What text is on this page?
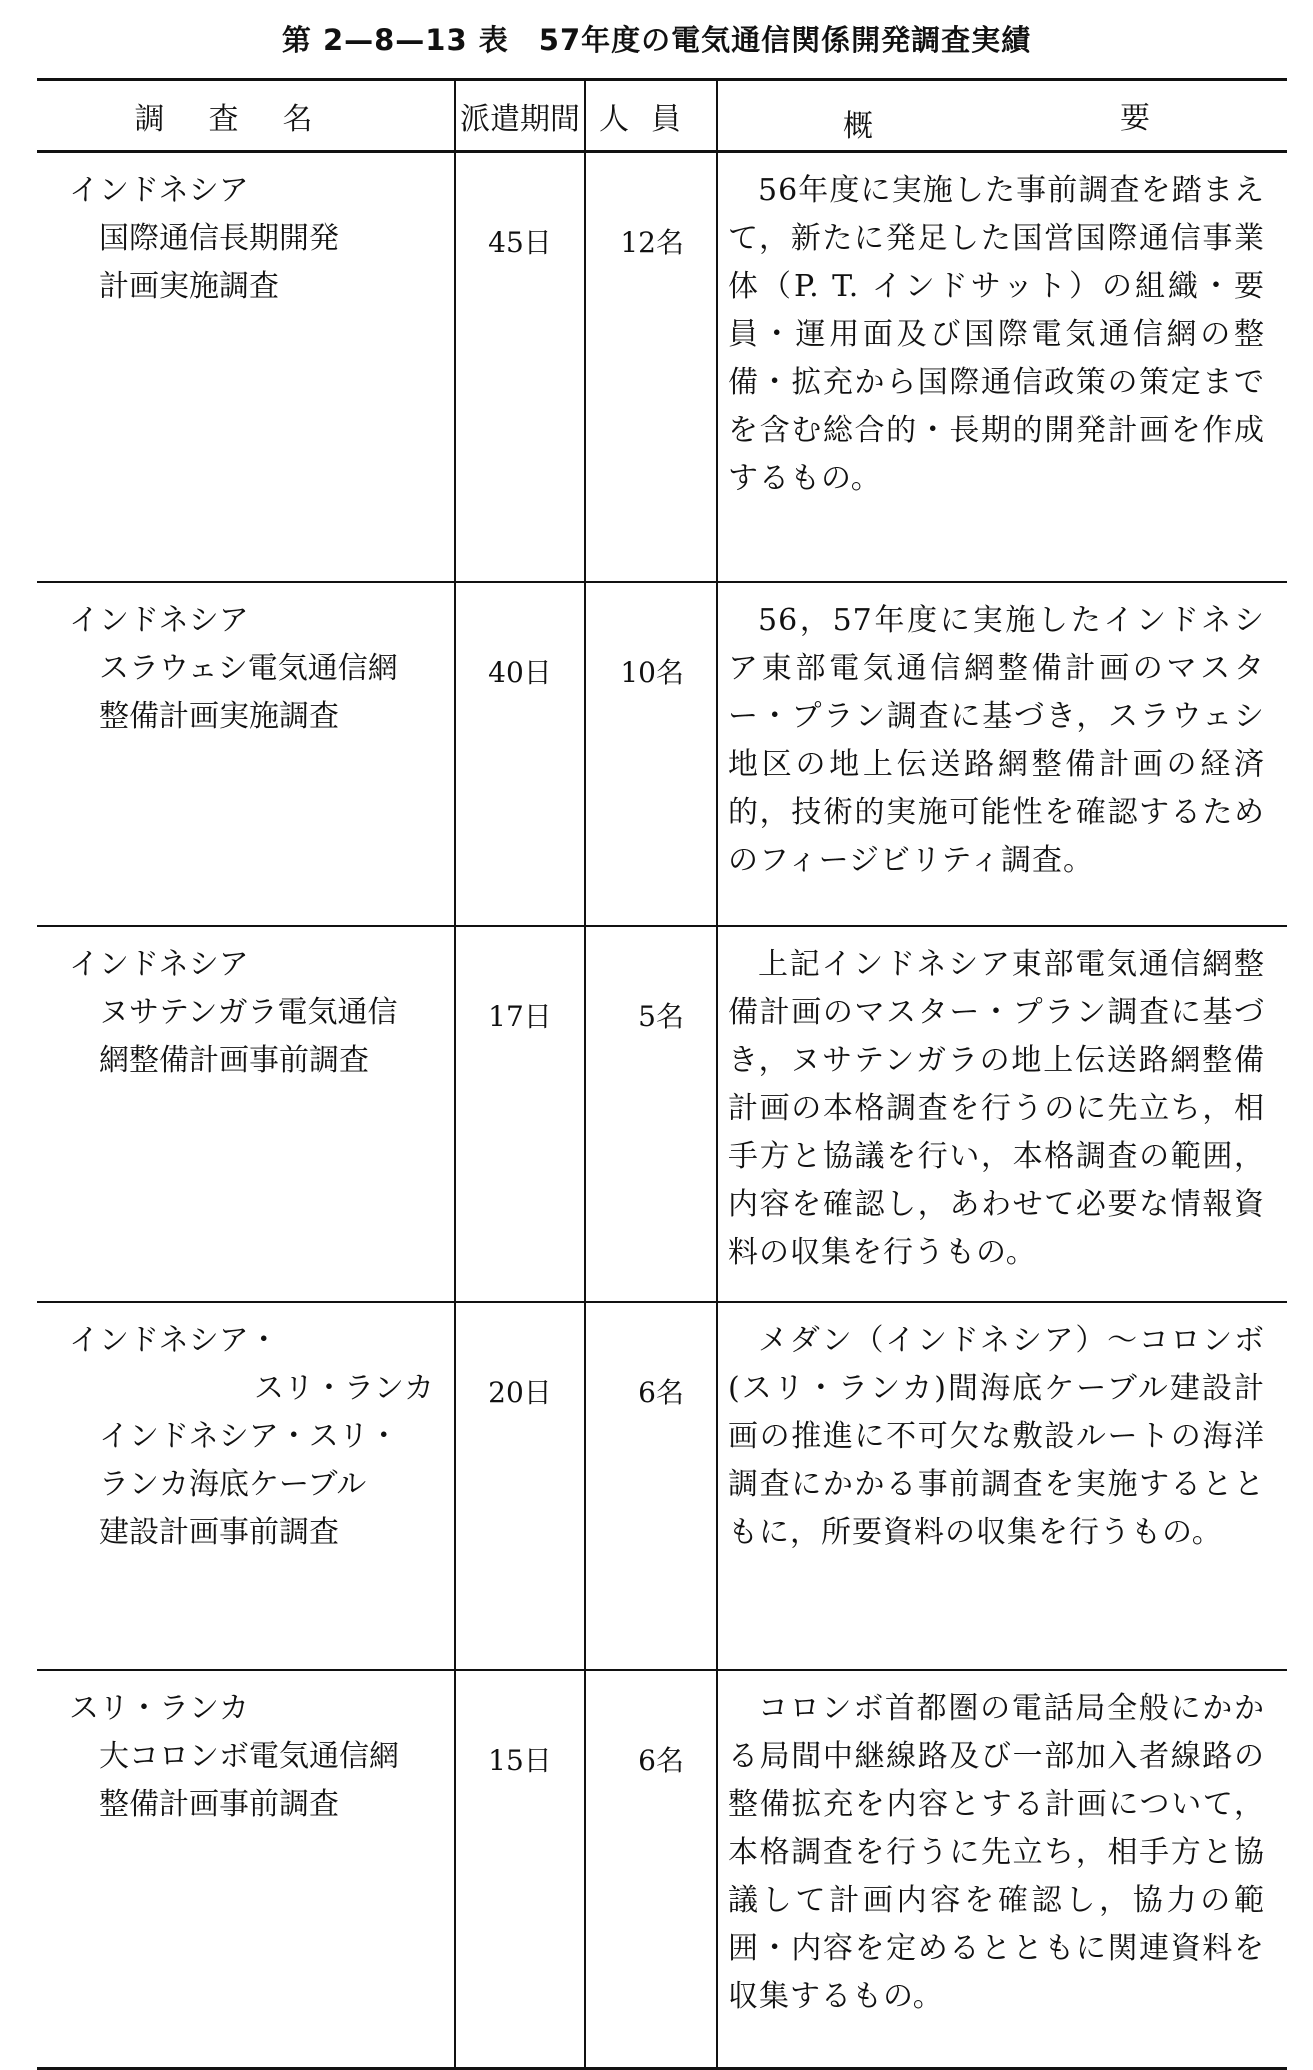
第 2—8—13 表　57年度の電気通信関係開発調査実績
調査名	派遣期間	人員	概 要

インドネシア
国際通信長期開発
計画実施調査	45日	12名	56年度に実施した事前調査を踏まえて，新たに発足した国営国際通信事業体（P. T. インドサット）の組織・要員・運用面及び国際電気通信網の整備・拡充から国際通信政策の策定までを含む総合的・長期的開発計画を作成するもの。

インドネシア
スラウェシ電気通信網
整備計画実施調査	40日	10名	56，57年度に実施したインドネシア東部電気通信網整備計画のマスター・プラン調査に基づき，スラウェシ地区の地上伝送路網整備計画の経済的，技術的実施可能性を確認するためのフィージビリティ調査。

インドネシア
ヌサテンガラ電気通信
網整備計画事前調査	17日	5名	上記インドネシア東部電気通信網整備計画のマスター・プラン調査に基づき，ヌサテンガラの地上伝送路網整備計画の本格調査を行うのに先立ち，相手方と協議を行い，本格調査の範囲，内容を確認し，あわせて必要な情報資料の収集を行うもの。

インドネシア・
スリ・ランカ
インドネシア・スリ・
ランカ海底ケーブル
建設計画事前調査	20日	6名	メダン（インドネシア）～コロンボ(スリ・ランカ)間海底ケーブル建設計画の推進に不可欠な敷設ルートの海洋調査にかかる事前調査を実施するとともに，所要資料の収集を行うもの。

スリ・ランカ
大コロンボ電気通信網
整備計画事前調査	15日	6名	コロンボ首都圏の電話局全般にかかる局間中継線路及び一部加入者線路の整備拡充を内容とする計画について，本格調査を行うに先立ち，相手方と協議して計画内容を確認し，協力の範囲・内容を定めるとともに関連資料を収集するもの。
